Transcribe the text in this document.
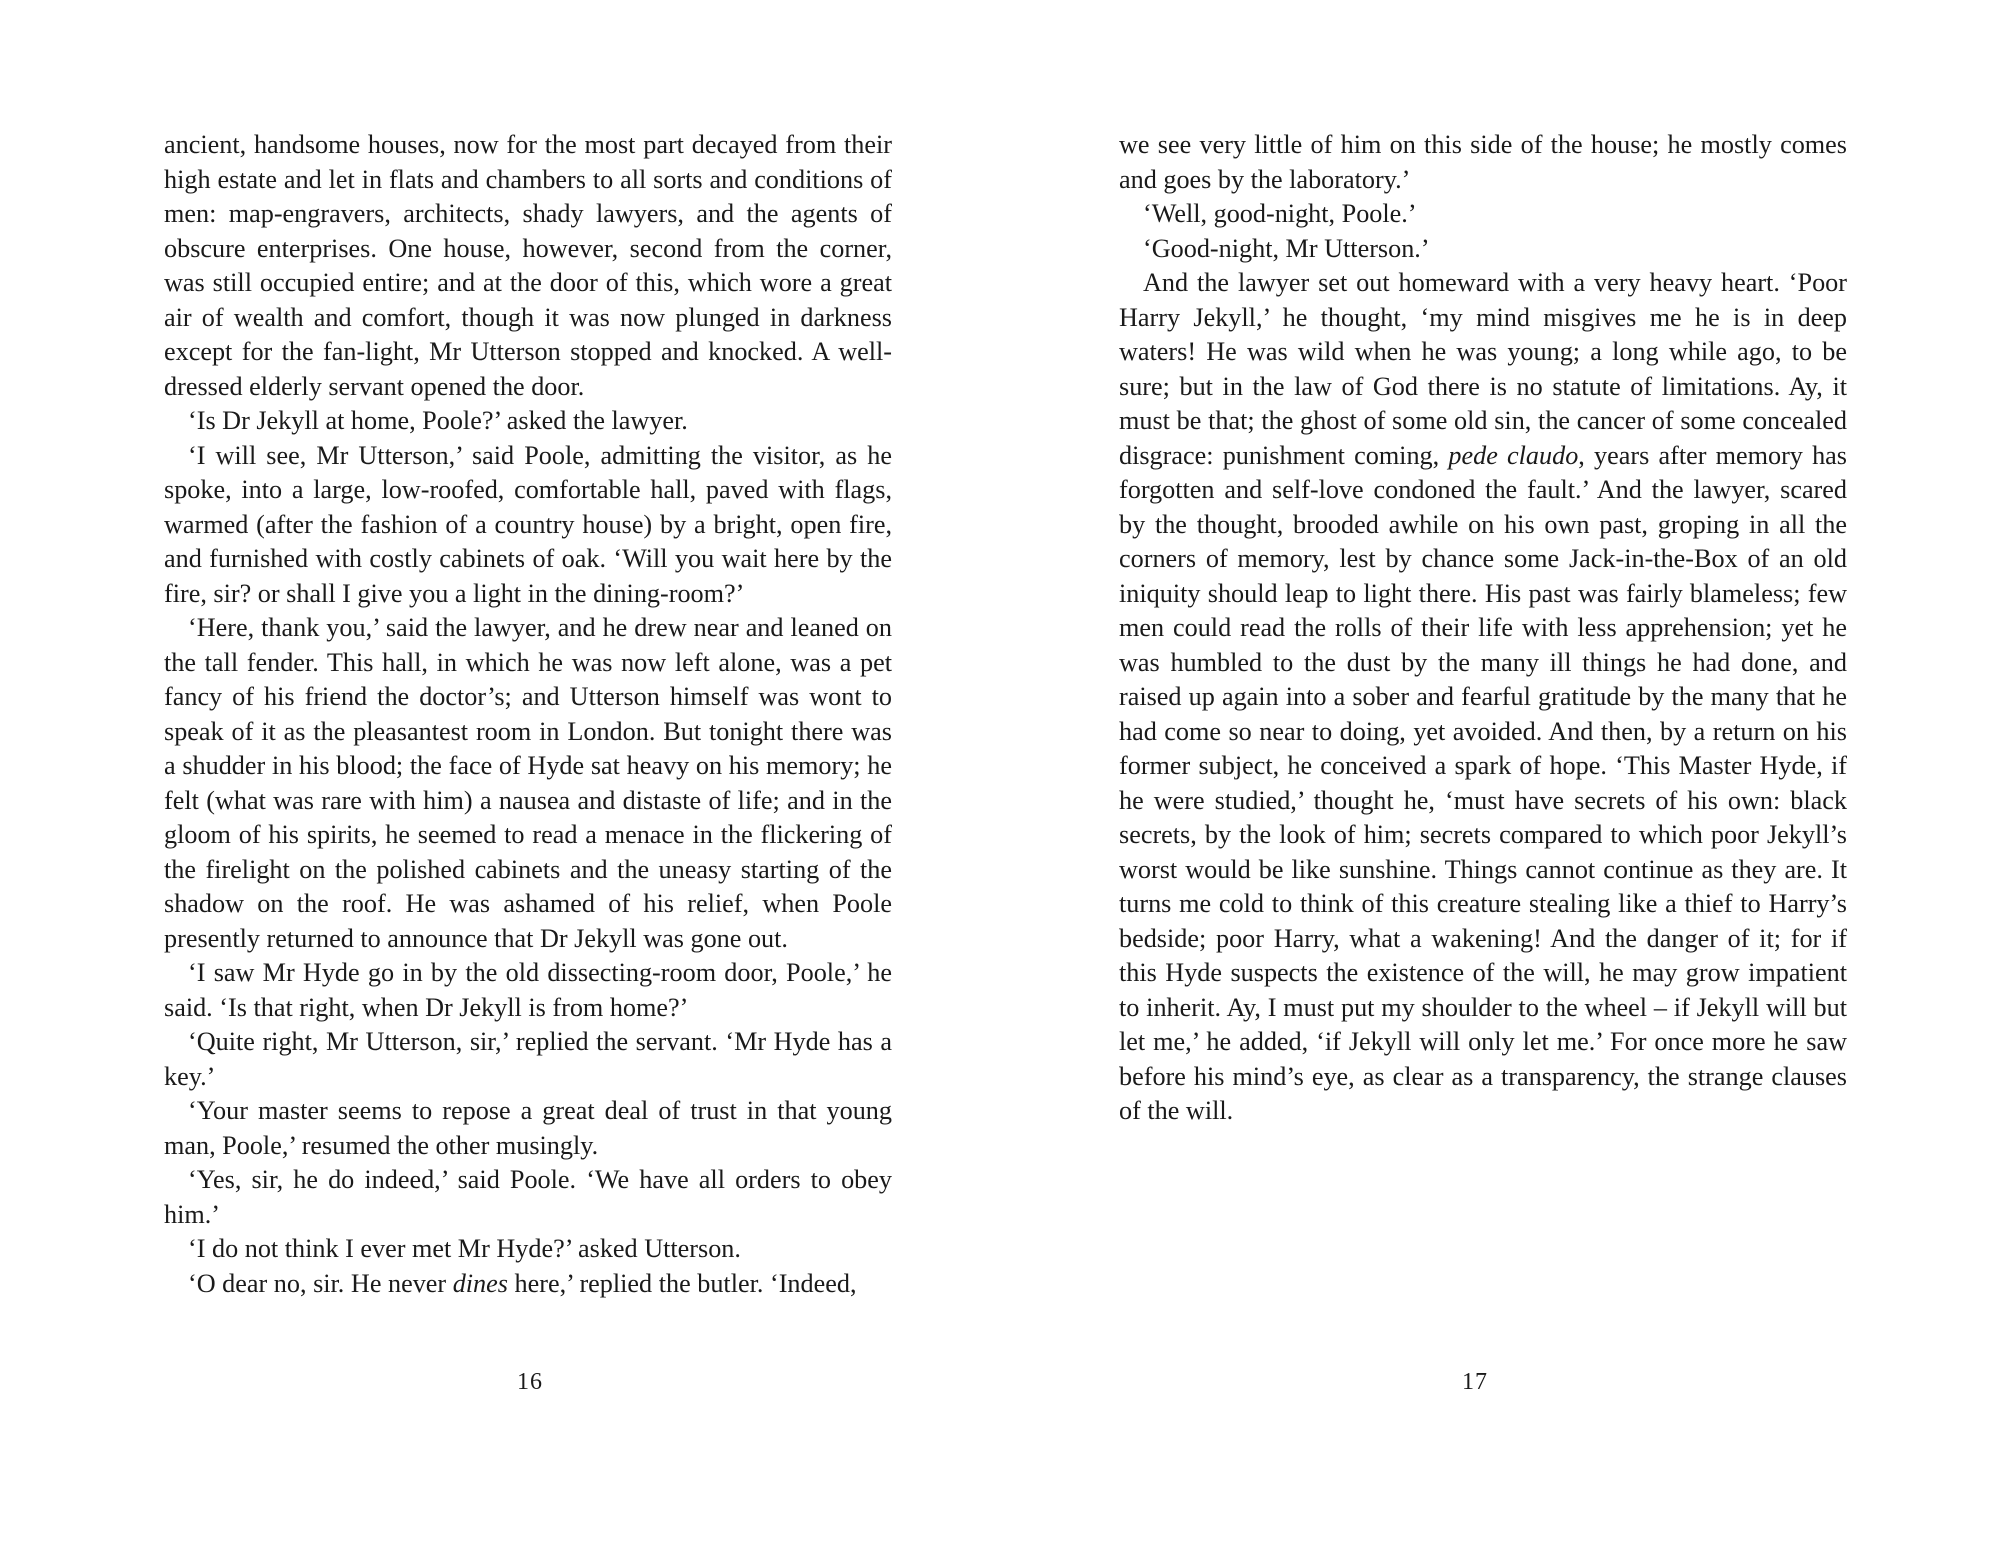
ancient, handsome houses, now for the most part decayed from their high estate and let in flats and chambers to all sorts and conditions of men: map-engravers, architects, shady lawyers, and the agents of obscure enterprises. One house, however, second from the corner, was still occupied entire; and at the door of this, which wore a great air of wealth and comfort, though it was now plunged in darkness except for the fan-light, Mr Utterson stopped and knocked. A well-dressed elderly servant opened the door.

‘Is Dr Jekyll at home, Poole?’ asked the lawyer.

‘I will see, Mr Utterson,’ said Poole, admitting the visitor, as he spoke, into a large, low-roofed, comfortable hall, paved with flags, warmed (after the fashion of a country house) by a bright, open fire, and furnished with costly cabinets of oak. ‘Will you wait here by the fire, sir? or shall I give you a light in the dining-room?’

‘Here, thank you,’ said the lawyer, and he drew near and leaned on the tall fender. This hall, in which he was now left alone, was a pet fancy of his friend the doctor’s; and Utterson himself was wont to speak of it as the pleasantest room in London. But tonight there was a shudder in his blood; the face of Hyde sat heavy on his memory; he felt (what was rare with him) a nausea and distaste of life; and in the gloom of his spirits, he seemed to read a menace in the flickering of the firelight on the polished cabinets and the uneasy starting of the shadow on the roof. He was ashamed of his relief, when Poole presently returned to announce that Dr Jekyll was gone out.

‘I saw Mr Hyde go in by the old dissecting-room door, Poole,’ he said. ‘Is that right, when Dr Jekyll is from home?’

‘Quite right, Mr Utterson, sir,’ replied the servant. ‘Mr Hyde has a key.’

‘Your master seems to repose a great deal of trust in that young man, Poole,’ resumed the other musingly.

‘Yes, sir, he do indeed,’ said Poole. ‘We have all orders to obey him.’

‘I do not think I ever met Mr Hyde?’ asked Utterson.

‘O dear no, sir. He never dines here,’ replied the butler. ‘Indeed,

16

we see very little of him on this side of the house; he mostly comes and goes by the laboratory.’

‘Well, good-night, Poole.’

‘Good-night, Mr Utterson.’

And the lawyer set out homeward with a very heavy heart. ‘Poor Harry Jekyll,’ he thought, ‘my mind misgives me he is in deep waters! He was wild when he was young; a long while ago, to be sure; but in the law of God there is no statute of limitations. Ay, it must be that; the ghost of some old sin, the cancer of some concealed disgrace: punishment coming, pede claudo, years after memory has forgotten and self-love condoned the fault.’ And the lawyer, scared by the thought, brooded awhile on his own past, groping in all the corners of memory, lest by chance some Jack-in-the-Box of an old iniquity should leap to light there. His past was fairly blameless; few men could read the rolls of their life with less apprehension; yet he was humbled to the dust by the many ill things he had done, and raised up again into a sober and fearful gratitude by the many that he had come so near to doing, yet avoided. And then, by a return on his former subject, he conceived a spark of hope. ‘This Master Hyde, if he were studied,’ thought he, ‘must have secrets of his own: black secrets, by the look of him; secrets compared to which poor Jekyll’s worst would be like sunshine. Things cannot continue as they are. It turns me cold to think of this creature stealing like a thief to Harry’s bedside; poor Harry, what a wakening! And the danger of it; for if this Hyde suspects the existence of the will, he may grow impatient to inherit. Ay, I must put my shoulder to the wheel – if Jekyll will but let me,’ he added, ‘if Jekyll will only let me.’ For once more he saw before his mind’s eye, as clear as a transparency, the strange clauses of the will.

17
